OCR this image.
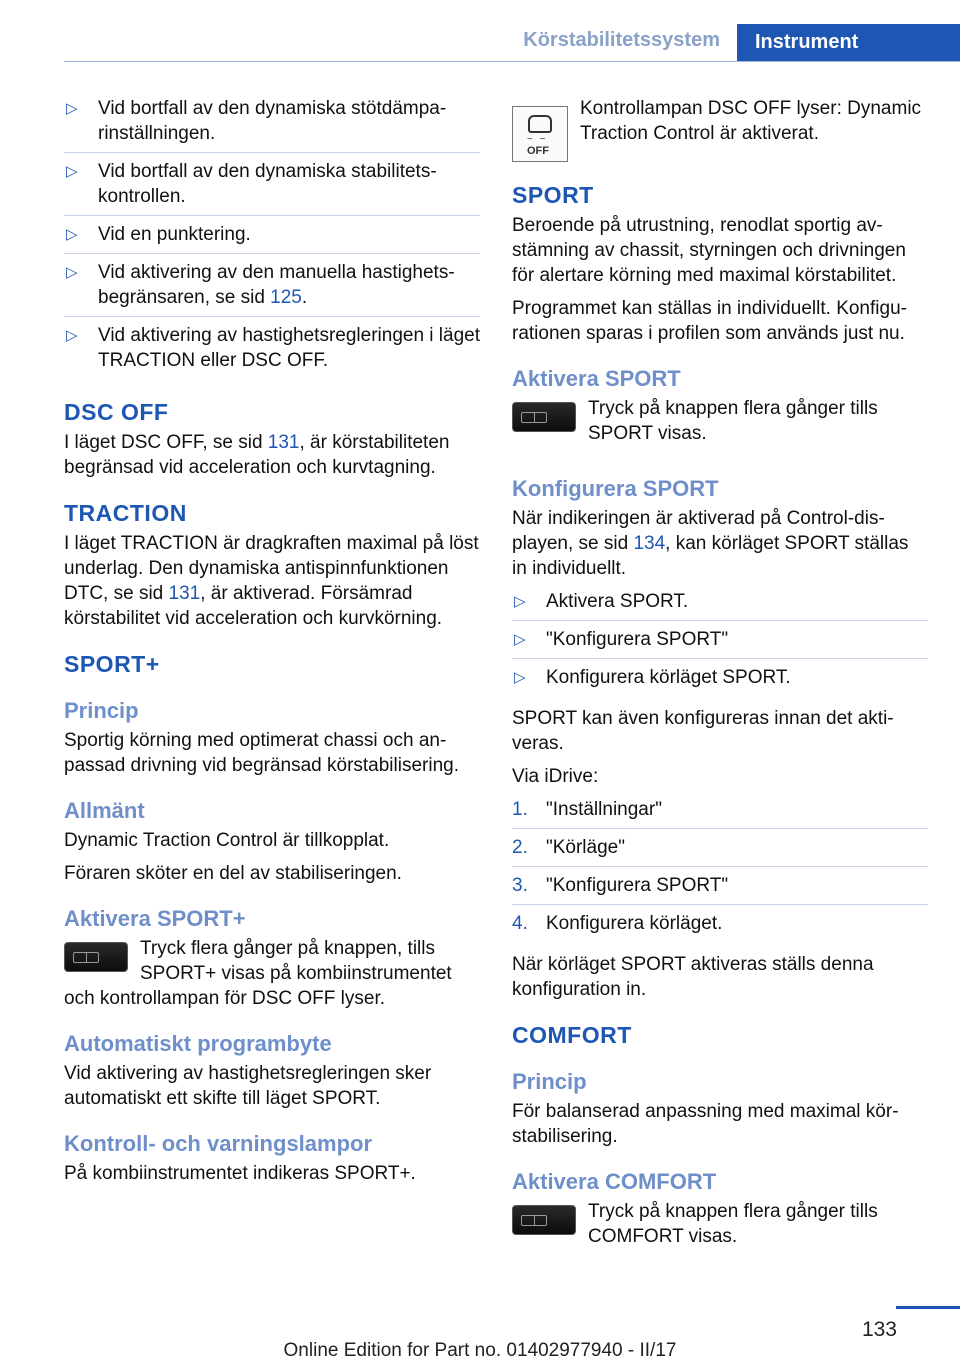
Körstabilitetssystem Instrument
▷ Vid bortfall av den dynamiska stötdämparinställningen.
▷ Vid bortfall av den dynamiska stabilitetskontrollen.
▷ Vid en punktering.
▷ Vid aktivering av den manuella hastighetsbegränsaren, se sid 125.
▷ Vid aktivering av hastighetsregleringen i läget TRACTION eller DSC OFF.
DSC OFF

I läget DSC OFF, se sid 131, är körstabiliteten begränsad vid acceleration och kurvtagning.

TRACTION

I läget TRACTION är dragkraften maximal på löst underlag. Den dynamiska antispinnfunktionen DTC, se sid 131, är aktiverad. Försämrad körstabilitet vid acceleration och kurvkörning.

SPORT+
Princip

Sportig körning med optimerat chassi och anpassad drivning vid begränsad körstabilisering.

Allmänt

Dynamic Traction Control är tillkopplat.

Föraren sköter en del av stabiliseringen.

Aktivera SPORT+

Tryck flera gånger på knappen, tills SPORT+ visas på kombiinstrumentet och kontrollampan för DSC OFF lyser.

Automatiskt programbyte

Vid aktivering av hastighetsregleringen sker automatiskt ett skifte till läget SPORT.

Kontroll- och varningslampor

På kombiinstrumentet indikeras SPORT+.

~ ~
OFF

Kontrollampan DSC OFF lyser: Dynamic Traction Control är aktiverat.

SPORT

Beroende på utrustning, renodlat sportig avstämning av chassit, styrningen och drivningen för alertare körning med maximal körstabilitet.

Programmet kan ställas in individuellt. Konfigurationen sparas i profilen som används just nu.

Aktivera SPORT

Tryck på knappen flera gånger tills SPORT visas.

Konfigurera SPORT

När indikeringen är aktiverad på Control-displayen, se sid 134, kan körläget SPORT ställas in individuellt.

▷ Aktivera SPORT.
▷ "Konfigurera SPORT"
▷ Konfigurera körläget SPORT.

SPORT kan även konfigureras innan det aktiveras.

Via iDrive:

1. "Inställningar"
2. "Körläge"
3. "Konfigurera SPORT"
4. Konfigurera körläget.

När körläget SPORT aktiveras ställs denna konfiguration in.

COMFORT
Princip

För balanserad anpassning med maximal körstabilisering.

Aktivera COMFORT

Tryck på knappen flera gånger tills COMFORT visas.

133
Online Edition for Part no. 01402977940 - II/17
